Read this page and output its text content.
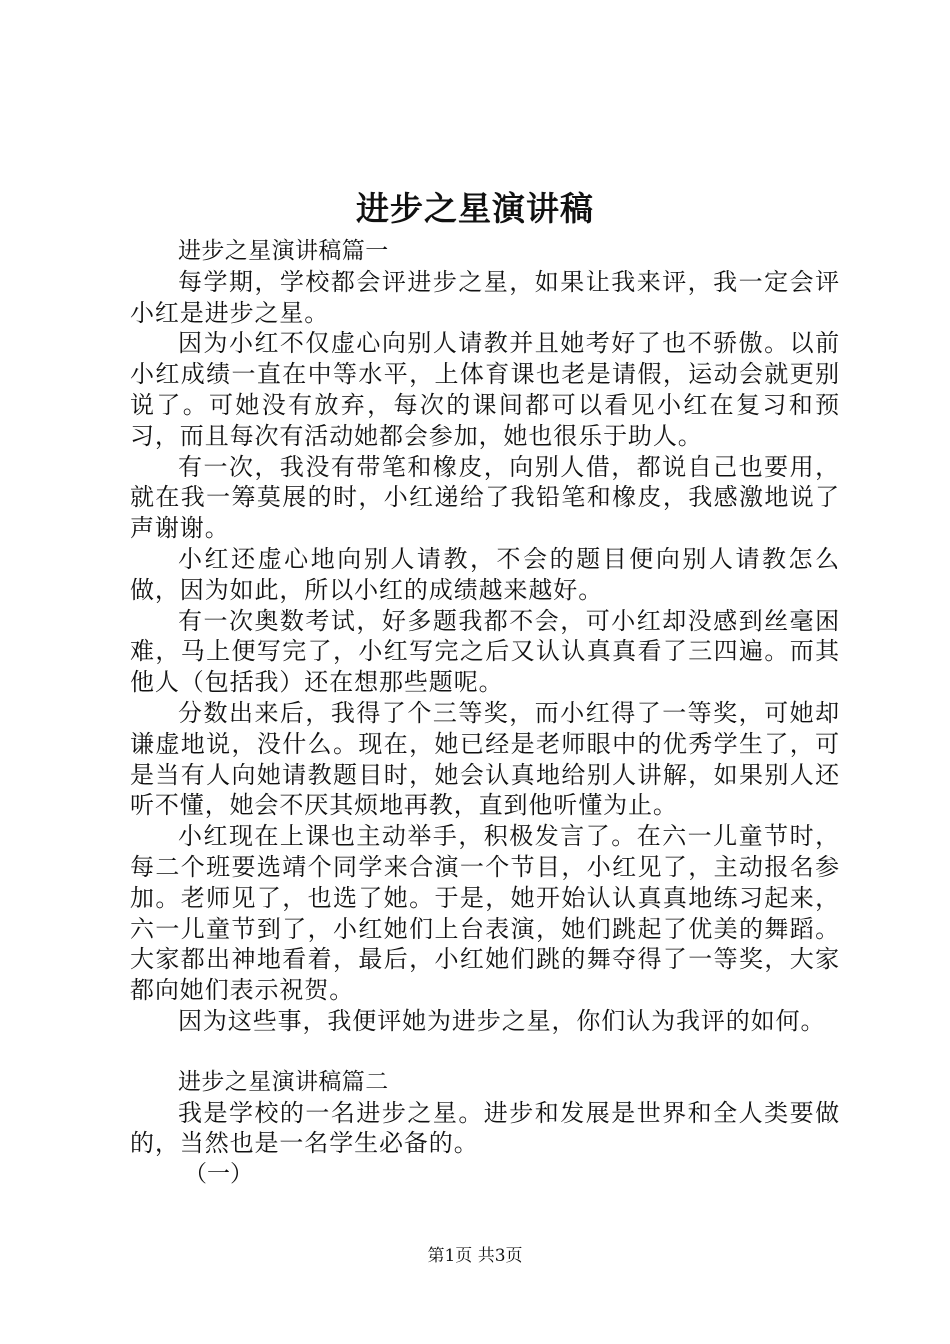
进步之星演讲稿

进步之星演讲稿篇一

每学期，学校都会评进步之星，如果让我来评，我一定会评小红是进步之星。

因为小红不仅虚心向别人请教并且她考好了也不骄傲。以前小红成绩一直在中等水平，上体育课也老是请假，运动会就更别说了。可她没有放弃，每次的课间都可以看见小红在复习和预习，而且每次有活动她都会参加，她也很乐于助人。

有一次，我没有带笔和橡皮，向别人借，都说自己也要用，就在我一筹莫展的时，小红递给了我铅笔和橡皮，我感激地说了声谢谢。

小红还虚心地向别人请教，不会的题目便向别人请教怎么做，因为如此，所以小红的成绩越来越好。

有一次奥数考试，好多题我都不会，可小红却没感到丝毫困难，马上便写完了，小红写完之后又认认真真看了三四遍。而其他人（包括我）还在想那些题呢。

分数出来后，我得了个三等奖，而小红得了一等奖，可她却谦虚地说，没什么。现在，她已经是老师眼中的优秀学生了，可是当有人向她请教题目时，她会认真地给别人讲解，如果别人还听不懂，她会不厌其烦地再教，直到他听懂为止。

小红现在上课也主动举手，积极发言了。在六一儿童节时，每二个班要选靖个同学来合演一个节目，小红见了，主动报名参加。老师见了，也选了她。于是，她开始认认真真地练习起来，六一儿童节到了，小红她们上台表演，她们跳起了优美的舞蹈。大家都出神地看着，最后，小红她们跳的舞夺得了一等奖，大家都向她们表示祝贺。

因为这些事，我便评她为进步之星，你们认为我评的如何。

进步之星演讲稿篇二

我是学校的一名进步之星。进步和发展是世界和全人类要做的，当然也是一名学生必备的。

（一）

第1页 共3页
